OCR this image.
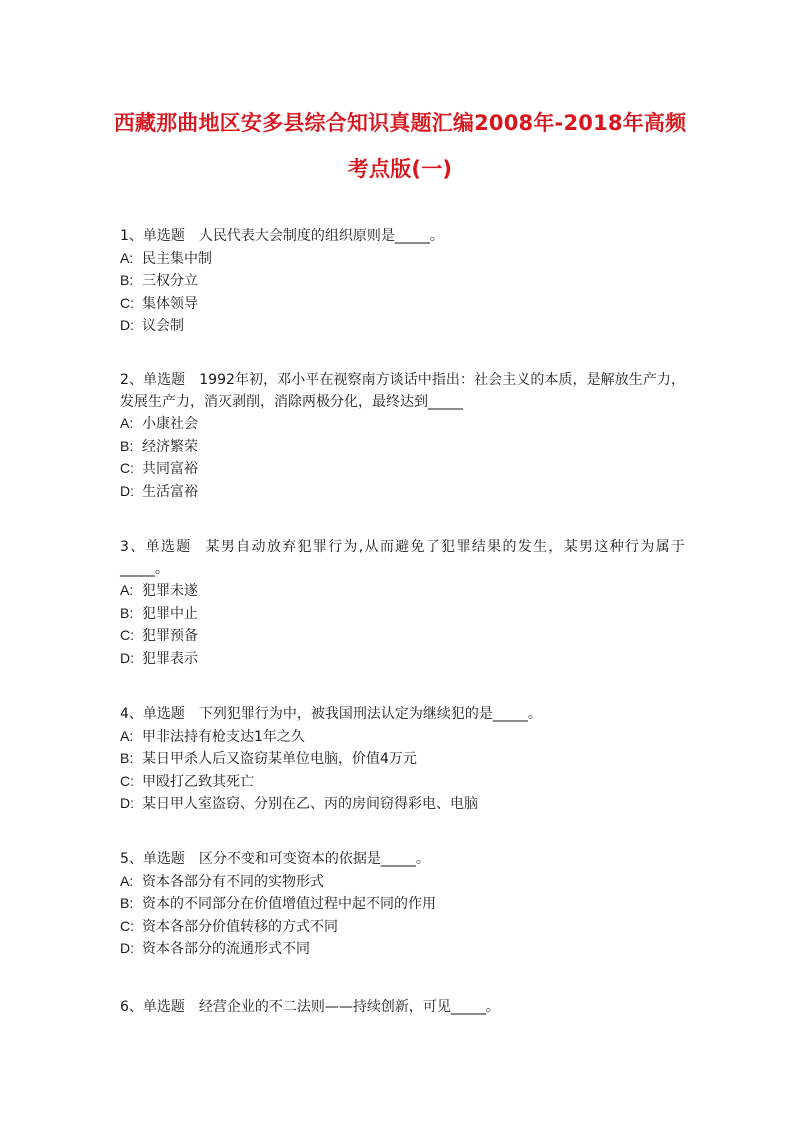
西藏那曲地区安多县综合知识真题汇编2008年-2018年高频考点版(一)

1、单选题 人民代表大会制度的组织原则是_____。

A: 民主集中制
B: 三权分立
C: 集体领导
D: 议会制

2、单选题 1992年初，邓小平在视察南方谈话中指出：社会主义的本质，是解放生产力，发展生产力，消灭剥削，消除两极分化，最终达到_____

A: 小康社会
B: 经济繁荣
C: 共同富裕
D: 生活富裕

3、单选题 某男自动放弃犯罪行为,从而避免了犯罪结果的发生，某男这种行为属于_____。

A: 犯罪未遂
B: 犯罪中止
C: 犯罪预备
D: 犯罪表示

4、单选题 下列犯罪行为中，被我国刑法认定为继续犯的是_____。

A: 甲非法持有枪支达1年之久
B: 某日甲杀人后又盗窃某单位电脑，价值4万元
C: 甲殴打乙致其死亡
D: 某日甲人室盗窃、分别在乙、丙的房间窃得彩电、电脑

5、单选题 区分不变和可变资本的依据是_____。

A: 资本各部分有不同的实物形式
B: 资本的不同部分在价值增值过程中起不同的作用
C: 资本各部分价值转移的方式不同
D: 资本各部分的流通形式不同

6、单选题 经营企业的不二法则——持续创新，可见_____。
